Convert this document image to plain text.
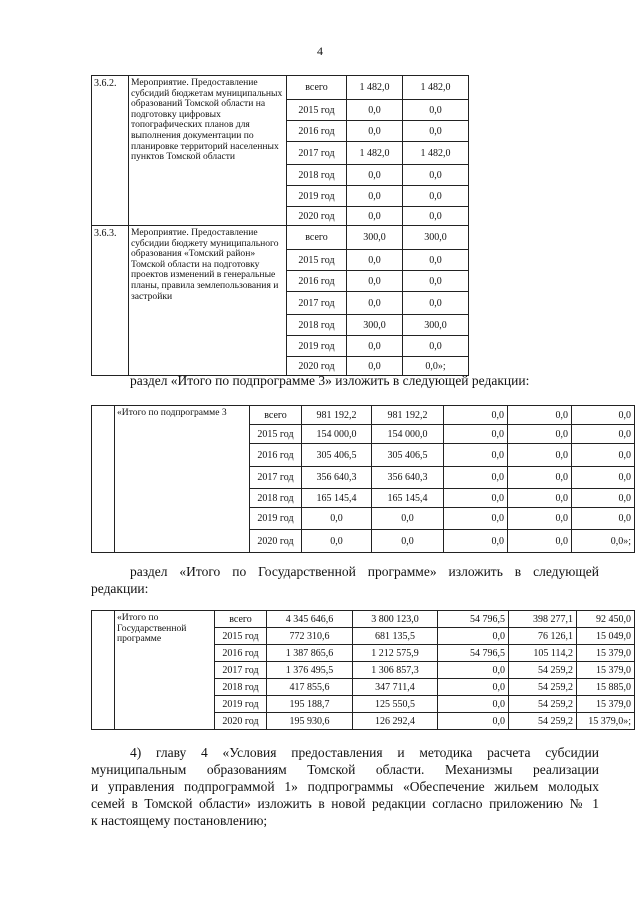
4
3.6.2.	Мероприятие. Предоставление субсидий бюджетам муниципальных образований Томской области на подготовку цифровых топографических планов для выполнения документации по планировке территорий населенных пунктов Томской области	всего	1 482,0	1 482,0
		2015 год	0,0	0,0
		2016 год	0,0	0,0
		2017 год	1 482,0	1 482,0
		2018 год	0,0	0,0
		2019 год	0,0	0,0
		2020 год	0,0	0,0
3.6.3.	Мероприятие. Предоставление субсидии бюджету муниципального образования «Томский район» Томской области на подготовку проектов изменений в генеральные планы, правила землепользования и застройки	всего	300,0	300,0
		2015 год	0,0	0,0
		2016 год	0,0	0,0
		2017 год	0,0	0,0
		2018 год	300,0	300,0
		2019 год	0,0	0,0
		2020 год	0,0	0,0»;
раздел «Итого по подпрограмме 3» изложить в следующей редакции:
	«Итого по подпрограмме 3	всего	981 192,2	981 192,2	0,0	0,0	0,0
		2015 год	154 000,0	154 000,0	0,0	0,0	0,0
		2016 год	305 406,5	305 406,5	0,0	0,0	0,0
		2017 год	356 640,3	356 640,3	0,0	0,0	0,0
		2018 год	165 145,4	165 145,4	0,0	0,0	0,0
		2019 год	0,0	0,0	0,0	0,0	0,0
		2020 год	0,0	0,0	0,0	0,0	0,0»;
раздел «Итого по Государственной программе» изложить в следующей
редакции:
	«Итого по Государственной программе	всего	4 345 646,6	3 800 123,0	54 796,5	398 277,1	92 450,0
		2015 год	772 310,6	681 135,5	0,0	76 126,1	15 049,0
		2016 год	1 387 865,6	1 212 575,9	54 796,5	105 114,2	15 379,0
		2017 год	1 376 495,5	1 306 857,3	0,0	54 259,2	15 379,0
		2018 год	417 855,6	347 711,4	0,0	54 259,2	15 885,0
		2019 год	195 188,7	125 550,5	0,0	54 259,2	15 379,0
		2020 год	195 930,6	126 292,4	0,0	54 259,2	15 379,0»;
4) главу 4 «Условия предоставления и методика расчета субсидии
муниципальным образованиям Томской области. Механизмы реализации
и управления подпрограммой 1» подпрограммы «Обеспечение жильем молодых
семей в Томской области» изложить в новой редакции согласно приложению № 1
к настоящему постановлению;
